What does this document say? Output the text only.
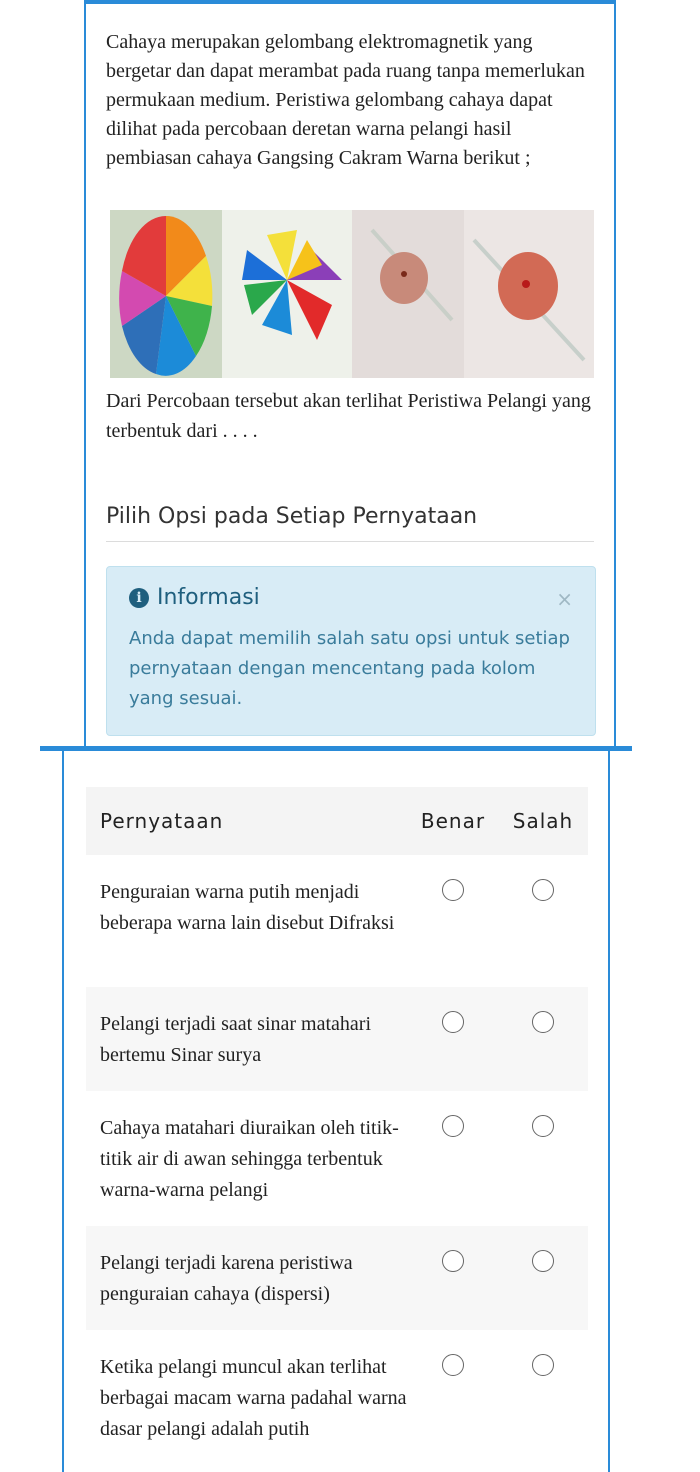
Cahaya merupakan gelombang elektromagnetik yang bergetar dan dapat merambat pada ruang tanpa memerlukan permukaan medium. Peristiwa gelombang cahaya dapat dilihat pada percobaan deretan warna pelangi hasil pembiasan cahaya Gangsing Cakram Warna berikut ;

Dari Percobaan tersebut akan terlihat Peristiwa Pelangi yang terbentuk dari . . . .

Pilih Opsi pada Setiap Pernyataan
i Informasi	×
Anda dapat memilih salah satu opsi untuk setiap pernyataan dengan mencentang pada kolom yang sesuai.
Pernyataan	Benar	Salah
Penguraian warna putih menjadi beberapa warna lain disebut Difraksi		
Pelangi terjadi saat sinar matahari bertemu Sinar surya		
Cahaya matahari diuraikan oleh titik-titik air di awan sehingga terbentuk warna-warna pelangi		
Pelangi terjadi karena peristiwa penguraian cahaya (dispersi)		
Ketika pelangi muncul akan terlihat berbagai macam warna padahal warna dasar pelangi adalah putih		
